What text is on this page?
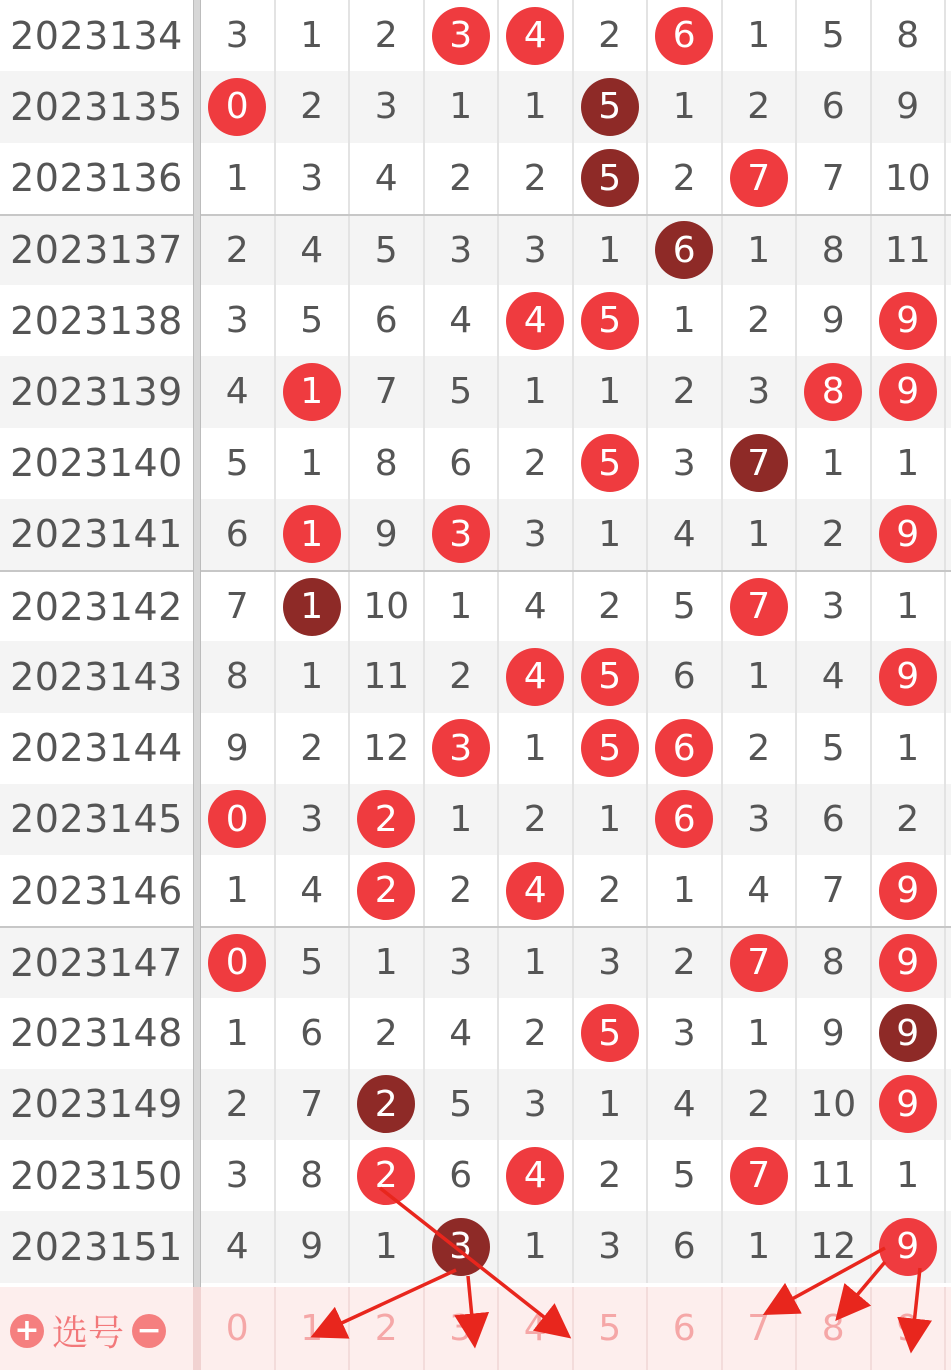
2023134 3 1 2	3	4	2	6	1 5 8
2023135	0	2 3 1 1	5	1 2 6 9
2023136 1 3 4 2 2	5	2	7	7 10
2023137 2 4 5 3 3 1	6	1 8 11
2023138 3 5 6 4	4	5	1 2 9	9
2023139 4	1	7 5 1 1 2 3	8	9
2023140 5 1 8 6 2	5	3	7	1 1
2023141 6	1	9	3	3 1 4 1 2	9
2023142 7	1	10 1 4 2 5	7	3 1
2023143 8 1 11 2	4	5	6 1 4	9
2023144 9 2 12	3	1	5	6	2 5 1
2023145	0	3	2	1 2 1	6	3 6 2
2023146 1 4	2	2	4	2 1 4 7	9
2023147	0	5 1 3 1 3 2	7	8	9
2023148 1 6 2 4 2	5	3 1 9	9
2023149 2 7	2	5 3 1 4 2 10	9
2023150 3 8	2	6	4	2 5	7	11 1
2023151 4 9 1	3	1 3 6 1 12	9
+ 选号 −	0	1	2	3	4	5	6	7	8	9
